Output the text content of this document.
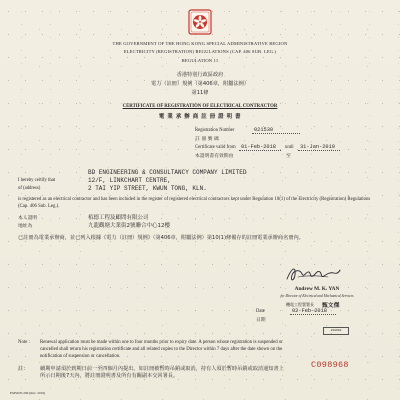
THE GOVERNMENT OF THE HONG KONG SPECIAL ADMINISTRATIVE REGION
ELECTRICITY (REGISTRATION) REGULATIONS (CAP. 406 SUB. LEG.)
REGULATION 11
香港特別行政區政府
電力（註冊）規例（第406章，附屬法例）
第11條
CERTIFICATE OF REGISTRATION OF ELECTRICAL CONTRACTOR
電 業 承 辦 商 註 冊 證 明 書
Registration Number	021530
註 冊 號 碼
Certificate valid from	01-Feb-2018	until	31-Jan-2019
本證明書有效期由	至
BD ENGINEERING & CONSULTANCY COMPANY LIMITED
I hereby certify that	12/F, LINKCHART CENTRE,
of (address)	2 TAI YIP STREET, KWUN TONG, KLN.
is registered as an electrical contractor and has been included in the register of registered electrical contractors kept under Regulation 10(1) of the Electricity (Registration) Regulations (Cap. 406 Sub. Leg.).
本人證明	栢德工程及顧問有限公司
地址為	九龍觀塘大業街2號聯合中心12樓
已註冊為電業承辦商，並已列入根據《電力（註冊）規例》（第406章，附屬法例）第10(1)條備存的註冊電業承辦商名冊內。
Andrew M. K. YAN
for Director of Electrical and Mechanical Services
機電工程署署長 甄文傑
Date	02-Feb-2018
日期
238698
Note : Renewal application must be made within one to four months prior to expiry date. A person whose registration is suspended or cancelled shall return his registration certificate and all related copies to the Director within 7 days after the date shown on the notification of suspension or cancellation.
註： 續期申請須於到期日前一至四個月內提出。如註冊被暫時吊銷或取消，持有人須於暫時吊銷或取消通知書上所示日期後7天內，將註冊證明書及所有有關副本交回署長。
C098968
EMSD/E.209 (Rev. 2016)
